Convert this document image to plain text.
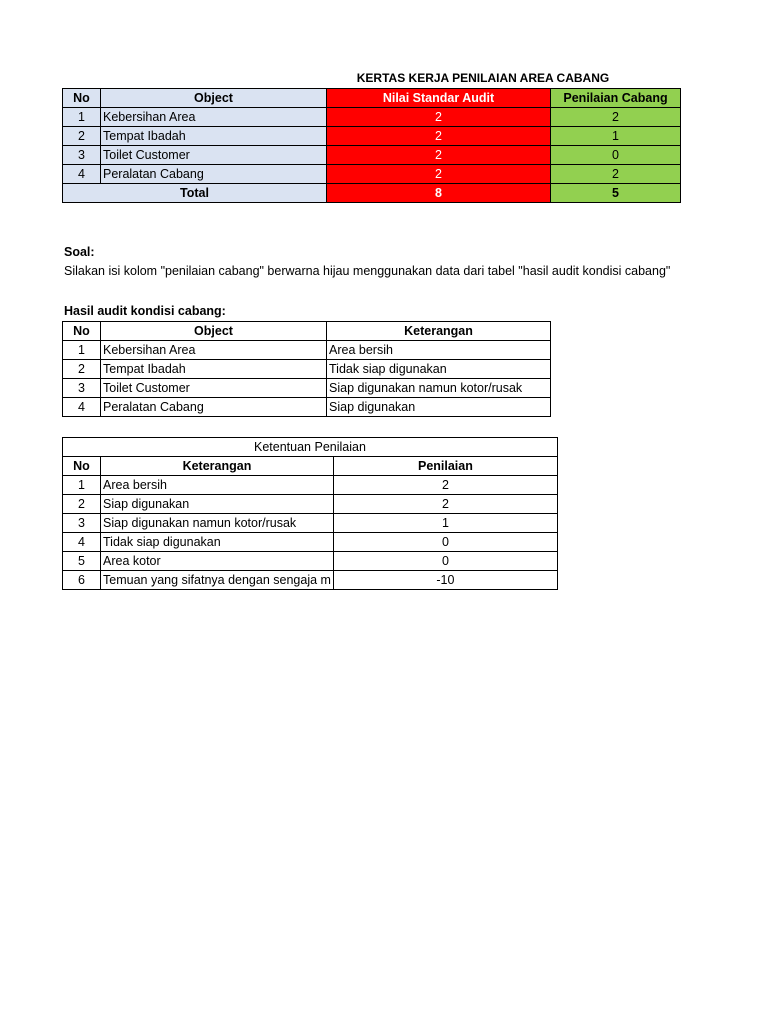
KERTAS KERJA PENILAIAN AREA CABANG
No	Object	Nilai Standar Audit	Penilaian Cabang
1	Kebersihan Area	2	2
2	Tempat Ibadah	2	1
3	Toilet Customer	2	0
4	Peralatan Cabang	2	2
Total		8	5
Soal:
Silakan isi kolom "penilaian cabang" berwarna hijau menggunakan data dari tabel "hasil audit kondisi cabang"
Hasil audit kondisi cabang:
No	Object	Keterangan
1	Kebersihan Area	Area bersih
2	Tempat Ibadah	Tidak siap digunakan
3	Toilet Customer	Siap digunakan namun kotor/rusak
4	Peralatan Cabang	Siap digunakan
Ketentuan Penilaian		
No	Keterangan	Penilaian
1	Area bersih	2
2	Siap digunakan	2
3	Siap digunakan namun kotor/rusak	1
4	Tidak siap digunakan	0
5	Area kotor	0
6	Temuan yang sifatnya dengan sengaja m	-10
